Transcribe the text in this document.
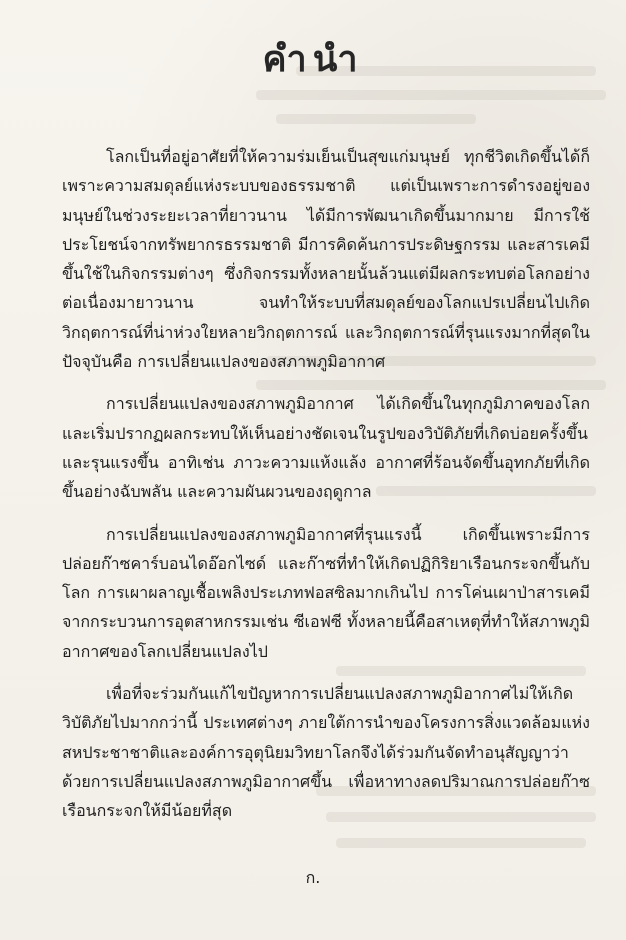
คำนำ

โลกเป็นที่อยู่อาศัยที่ให้ความร่มเย็นเป็นสุขแก่มนุษย์ ทุกชีวิตเกิดขึ้นได้ก็เพราะความสมดุลย์แห่งระบบของธรรมชาติ แต่เป็นเพราะการดำรงอยู่ของมนุษย์ในช่วงระยะเวลาที่ยาวนาน ได้มีการพัฒนาเกิดขึ้นมากมาย มีการใช้ประโยชน์จากทรัพยากรธรรมชาติ มีการคิดค้นการประดิษฐกรรม และสารเคมีขึ้นใช้ในกิจกรรมต่างๆ ซึ่งกิจกรรมทั้งหลายนั้นล้วนแต่มีผลกระทบต่อโลกอย่างต่อเนื่องมายาวนาน จนทำให้ระบบที่สมดุลย์ของโลกแปรเปลี่ยนไปเกิดวิกฤตการณ์ที่น่าห่วงใยหลายวิกฤตการณ์ และวิกฤตการณ์ที่รุนแรงมากที่สุดในปัจจุบันคือ การเปลี่ยนแปลงของสภาพภูมิอากาศ

การเปลี่ยนแปลงของสภาพภูมิอากาศ ได้เกิดขึ้นในทุกภูมิภาคของโลก และเริ่มปรากฏผลกระทบให้เห็นอย่างชัดเจนในรูปของวิบัติภัยที่เกิดบ่อยครั้งขึ้น และรุนแรงขึ้น อาทิเช่น ภาวะความแห้งแล้ง อากาศที่ร้อนจัดขึ้นอุทกภัยที่เกิดขึ้นอย่างฉับพลัน และความผันผวนของฤดูกาล

การเปลี่ยนแปลงของสภาพภูมิอากาศที่รุนแรงนี้ เกิดขึ้นเพราะมีการปล่อยก๊าซคาร์บอนไดอ๊อกไซด์ และก๊าซที่ทำให้เกิดปฏิกิริยาเรือนกระจกขึ้นกับโลก การเผาผลาญเชื้อเพลิงประเภทฟอสซิลมากเกินไป การโค่นเผาป่าสารเคมีจากกระบวนการอุตสาหกรรมเช่น ซีเอฟซี ทั้งหลายนี้คือสาเหตุที่ทำให้สภาพภูมิอากาศของโลกเปลี่ยนแปลงไป

เพื่อที่จะร่วมกันแก้ไขปัญหาการเปลี่ยนแปลงสภาพภูมิอากาศไม่ให้เกิดวิบัติภัยไปมากกว่านี้ ประเทศต่างๆ ภายใต้การนำของโครงการสิ่งแวดล้อมแห่งสหประชาชาติและองค์การอุตุนิยมวิทยาโลกจึงได้ร่วมกันจัดทำอนุสัญญาว่าด้วยการเปลี่ยนแปลงสภาพภูมิอากาศขึ้น เพื่อหาทางลดปริมาณการปล่อยก๊าซเรือนกระจกให้มีน้อยที่สุด

ก.
